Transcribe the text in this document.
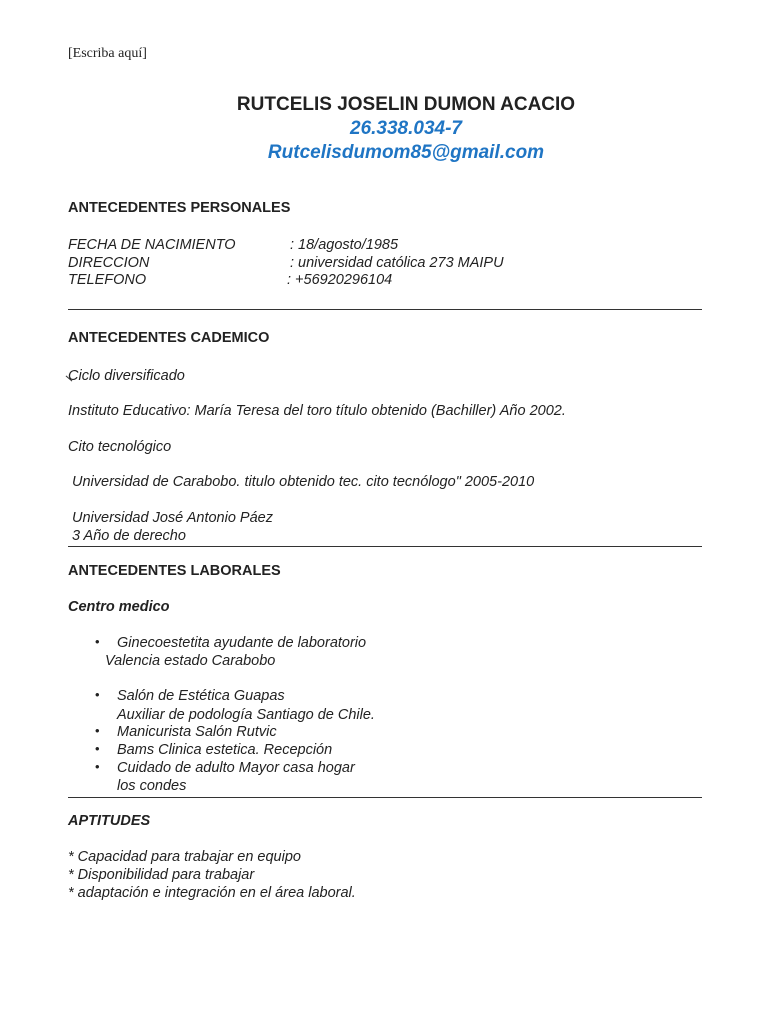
[Escriba aquí]
RUTCELIS JOSELIN DUMON ACACIO
26.338.034-7
Rutcelisdumom85@gmail.com
ANTECEDENTES PERSONALES
FECHA DE NACIMIENTO	: 18/agosto/1985
DIRECCION	: universidad católica 273 MAIPU
TELEFONO	: +56920296104
ANTECEDENTES CADEMICO
Ciclo diversificado
Instituto Educativo: María Teresa del toro título obtenido (Bachiller) Año 2002.
Cito tecnológico
Universidad de Carabobo. titulo obtenido tec. cito tecnólogo" 2005-2010
Universidad José Antonio Páez
3 Año de derecho
ANTECEDENTES LABORALES
Centro medico
• Ginecoestetita ayudante de laboratorio
Valencia estado Carabobo
• Salón de Estética Guapas
Auxiliar de podología Santiago de Chile.
• Manicurista Salón Rutvic
• Bams Clinica estetica. Recepción
• Cuidado de adulto Mayor casa hogar
los condes
APTITUDES
* Capacidad para trabajar en equipo
* Disponibilidad para trabajar
* adaptación e integración en el área laboral.
